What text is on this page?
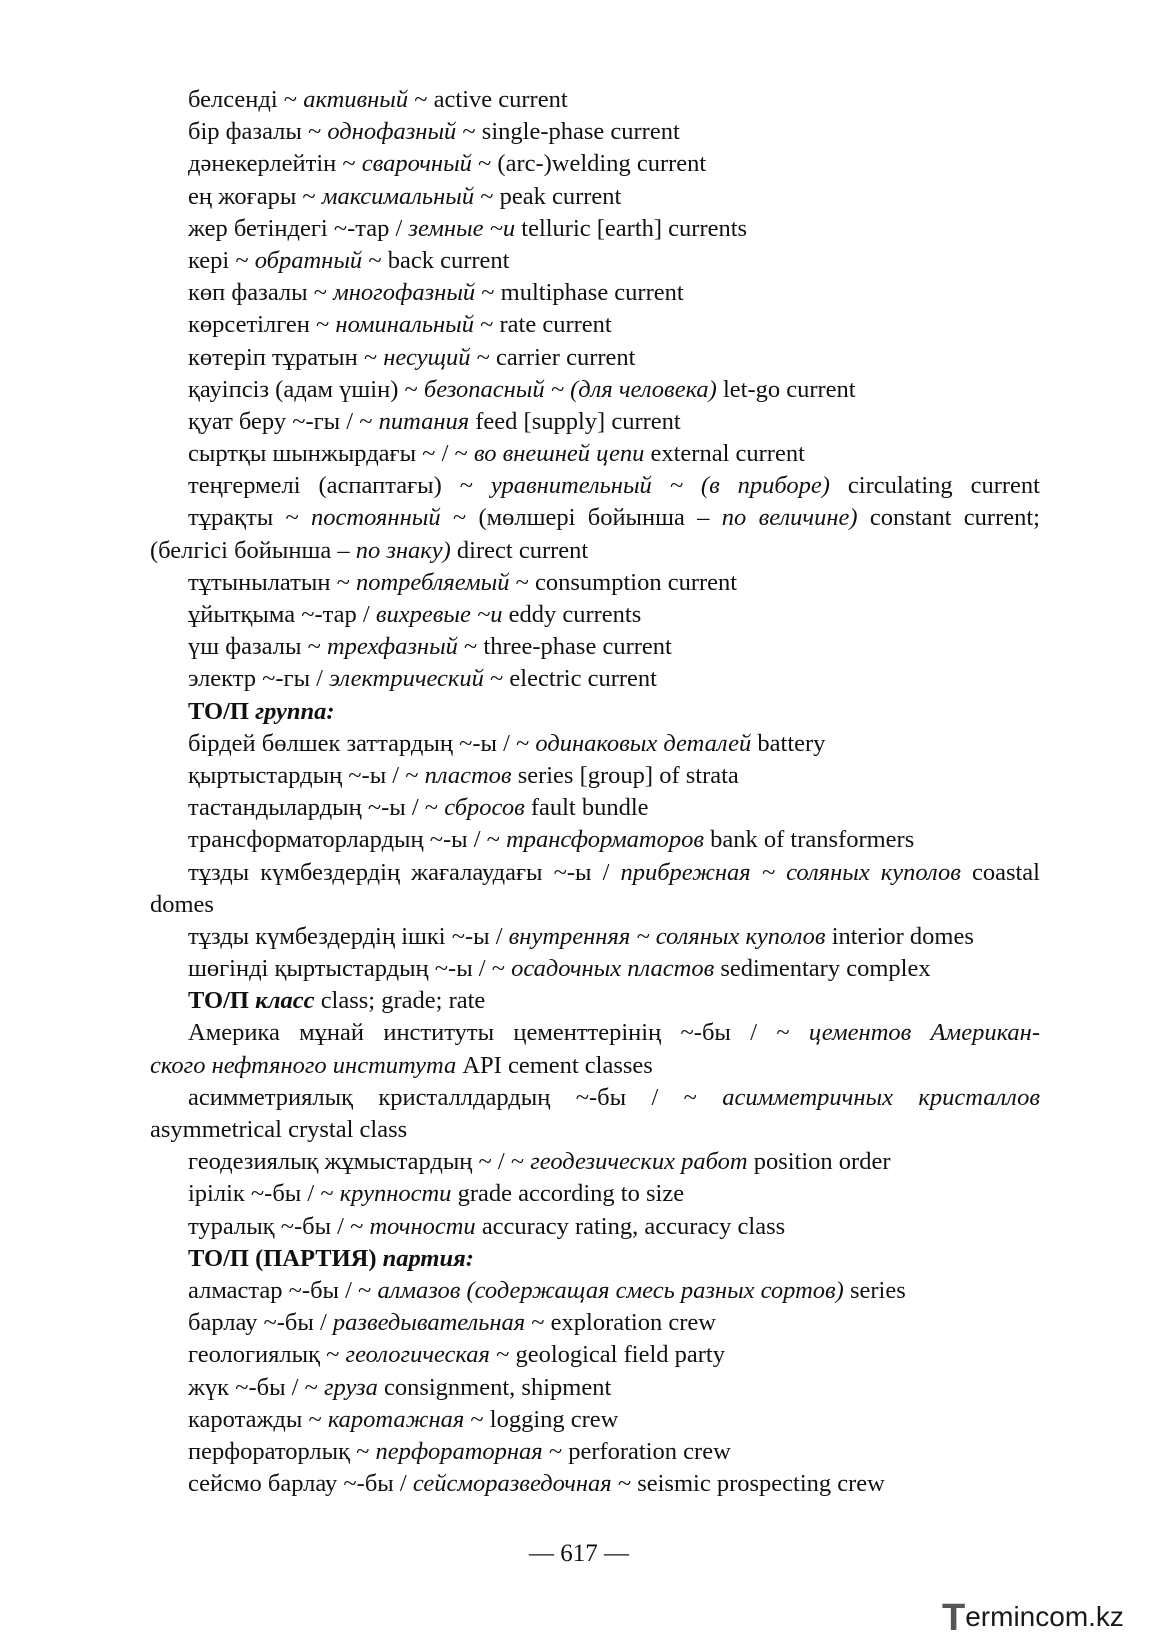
белсенді ~ активный ~ active current
бір фазалы ~ однофазный ~ single-phase current
дәнекерлейтін ~ сварочный ~ (arc-)welding current
ең жоғары ~ максимальный ~ peak current
жер бетіндегі ~-тар / земные ~и telluric [earth] currents
кері ~ обратный ~ back current
көп фазалы ~ многофазный ~ multiphase current
көрсетілген ~ номинальный ~ rate current
көтеріп тұратын ~ несущий ~ carrier current
қауіпсіз (адам үшін) ~ безопасный ~ (для человека) let-go current
қуат беру ~-гы / ~ питания feed [supply] current
сыртқы шынжырдағы ~ / ~ во внешней цепи external current
теңгермелі (аспаптағы) ~ уравнительный ~ (в приборе) circulating current
тұрақты ~ постоянный ~ (мөлшері бойынша – по величине) constant current;
(белгісі бойынша – по знаку) direct current
тұтынылатын ~ потребляемый ~ consumption current
ұйытқыма ~-тар / вихревые ~и eddy currents
үш фазалы ~ трехфазный ~ three-phase current
электр ~-гы / электрический ~ electric current
ТО/П группа:
бірдей бөлшек заттардың ~-ы / ~ одинаковых деталей battery
қыртыстардың ~-ы / ~ пластов series [group] of strata
тастандылардың ~-ы / ~ сбросов fault bundle
трансформаторлардың ~-ы / ~ трансформаторов bank of transformers
тұзды күмбездердің жағалаудағы ~-ы / прибрежная ~ соляных куполов coastal
domes
тұзды күмбездердің ішкі ~-ы / внутренняя ~ соляных куполов interior domes
шөгінді қыртыстардың ~-ы / ~ осадочных пластов sedimentary complex
ТО/П класс class; grade; rate
Америка мұнай институты цементтерінің ~-бы / ~ цементов Американ-
ского нефтяного института API cement classes
асимметриялық кристаллдардың ~-бы / ~ асимметричных кристаллов
asymmetrical crystal class
геодезиялық жұмыстардың ~ / ~ геодезических работ position order
ірілік ~-бы / ~ крупности grade according to size
туралық ~-бы / ~ точности accuracy rating, accuracy class
ТО/П (ПАРТИЯ) партия:
алмастар ~-бы / ~ алмазов (содержащая смесь разных сортов) series
барлау ~-бы / разведывательная ~ exploration crew
геологиялық ~ геологическая ~ geological field party
жүк ~-бы / ~ груза consignment, shipment
каротажды ~ каротажная ~ logging crew
перфораторлық ~ перфораторная ~ perforation crew
сейсмо барлау ~-бы / сейсморазведочная ~ seismic prospecting crew
— 617 —
Termincоm.kz
